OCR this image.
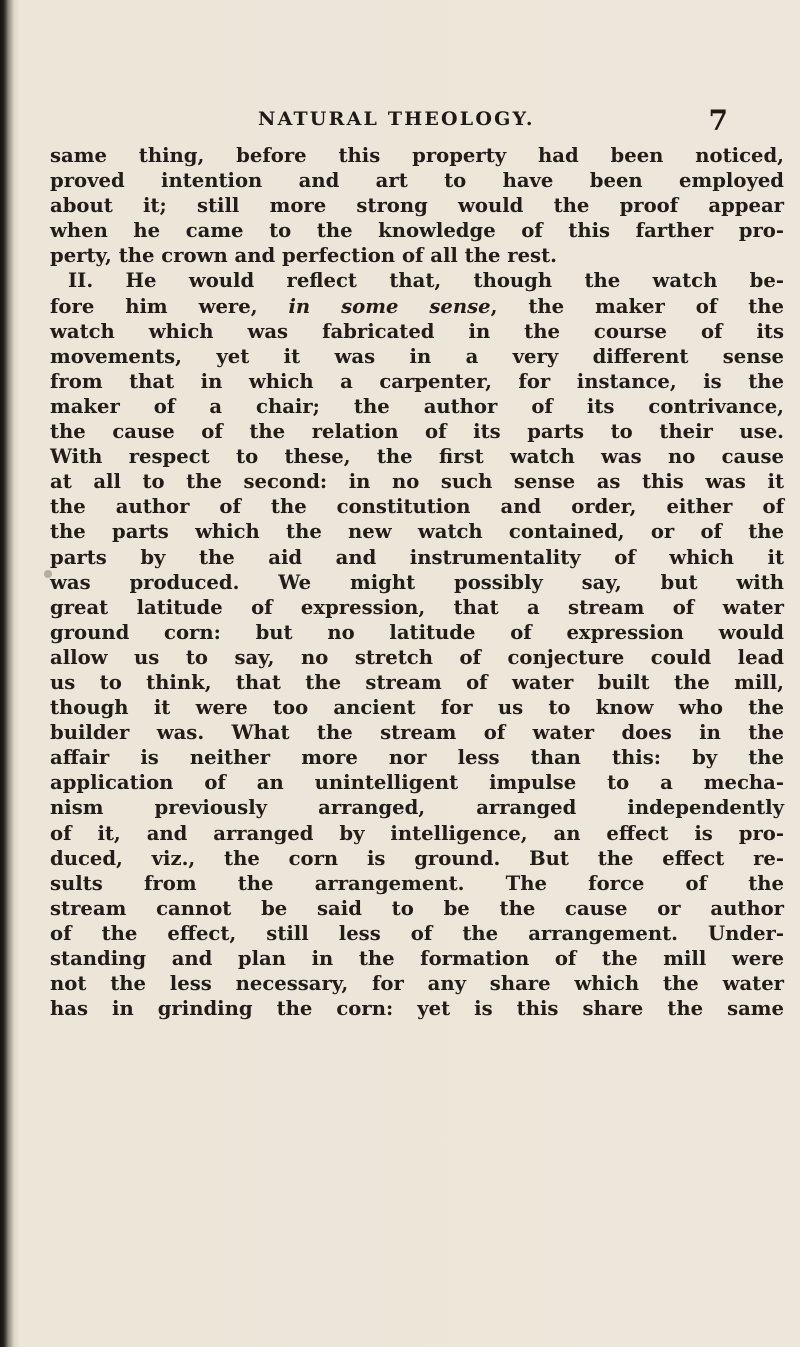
NATURAL THEOLOGY.	7
same thing, before this property had been noticed,
proved intention and art to have been employed
about it; still more strong would the proof appear
when he came to the knowledge of this farther pro-
perty, the crown and perfection of all the rest.
II. He would reflect that, though the watch be-
fore him were, in some sense, the maker of the
watch which was fabricated in the course of its
movements, yet it was in a very different sense
from that in which a carpenter, for instance, is the
maker of a chair; the author of its contrivance,
the cause of the relation of its parts to their use.
With respect to these, the first watch was no cause
at all to the second: in no such sense as this was it
the author of the constitution and order, either of
the parts which the new watch contained, or of the
parts by the aid and instrumentality of which it
was produced. We might possibly say, but with
great latitude of expression, that a stream of water
ground corn: but no latitude of expression would
allow us to say, no stretch of conjecture could lead
us to think, that the stream of water built the mill,
though it were too ancient for us to know who the
builder was. What the stream of water does in the
affair is neither more nor less than this: by the
application of an unintelligent impulse to a mecha-
nism previously arranged, arranged independently
of it, and arranged by intelligence, an effect is pro-
duced, viz., the corn is ground. But the effect re-
sults from the arrangement. The force of the
stream cannot be said to be the cause or author
of the effect, still less of the arrangement. Under-
standing and plan in the formation of the mill were
not the less necessary, for any share which the water
has in grinding the corn: yet is this share the same
